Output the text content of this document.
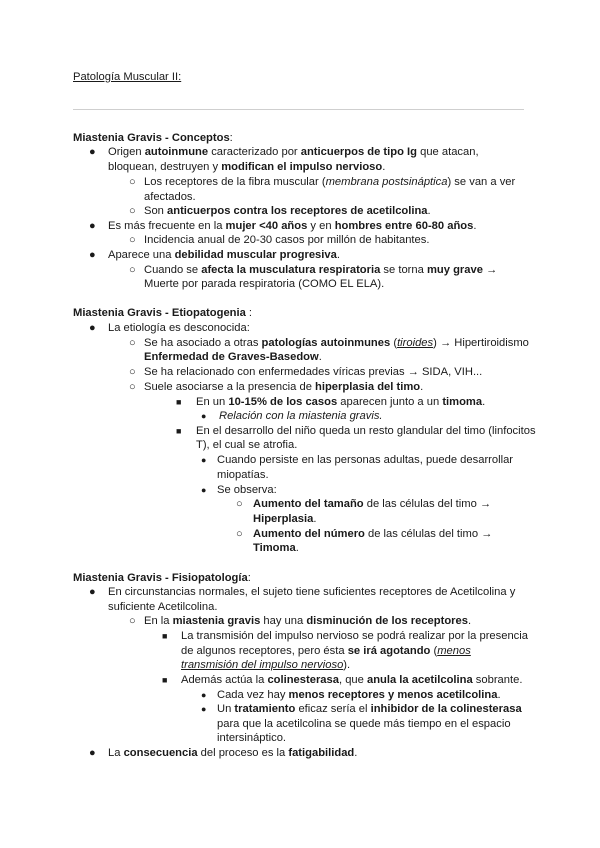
Patología Muscular II:
Miastenia Gravis - Conceptos:
● Origen autoinmune caracterizado por anticuerpos de tipo Ig que atacan,
bloquean, destruyen y modifican el impulso nervioso.
○ Los receptores de la fibra muscular (membrana postsináptica) se van a ver
afectados.
○ Son anticuerpos contra los receptores de acetilcolina.
● Es más frecuente en la mujer <40 años y en hombres entre 60-80 años.
○ Incidencia anual de 20-30 casos por millón de habitantes.
● Aparece una debilidad muscular progresiva.
○ Cuando se afecta la musculatura respiratoria se torna muy grave →
Muerte por parada respiratoria (COMO EL ELA).
Miastenia Gravis - Etiopatogenia :
● La etiología es desconocida:
○ Se ha asociado a otras patologías autoinmunes (tiroides) → Hipertiroidismo
Enfermedad de Graves-Basedow.
○ Se ha relacionado con enfermedades víricas previas → SIDA, VIH...
○ Suele asociarse a la presencia de hiperplasia del timo.
■ En un 10-15% de los casos aparecen junto a un timoma.
● Relación con la miastenia gravis.
■ En el desarrollo del niño queda un resto glandular del timo (linfocitos
T), el cual se atrofia.
● Cuando persiste en las personas adultas, puede desarrollar
miopatías.
● Se observa:
○ Aumento del tamaño de las células del timo →
Hiperplasia.
○ Aumento del número de las células del timo →
Timoma.
Miastenia Gravis - Fisiopatología:
● En circunstancias normales, el sujeto tiene suficientes receptores de Acetilcolina y
suficiente Acetilcolina.
○ En la miastenia gravis hay una disminución de los receptores.
■ La transmisión del impulso nervioso se podrá realizar por la presencia
de algunos receptores, pero ésta se irá agotando (menos
transmisión del impulso nervioso).
■ Además actúa la colinesterasa, que anula la acetilcolina sobrante.
● Cada vez hay menos receptores y menos acetilcolina.
● Un tratamiento eficaz sería el inhibidor de la colinesterasa
para que la acetilcolina se quede más tiempo en el espacio
intersináptico.
● La consecuencia del proceso es la fatigabilidad.
